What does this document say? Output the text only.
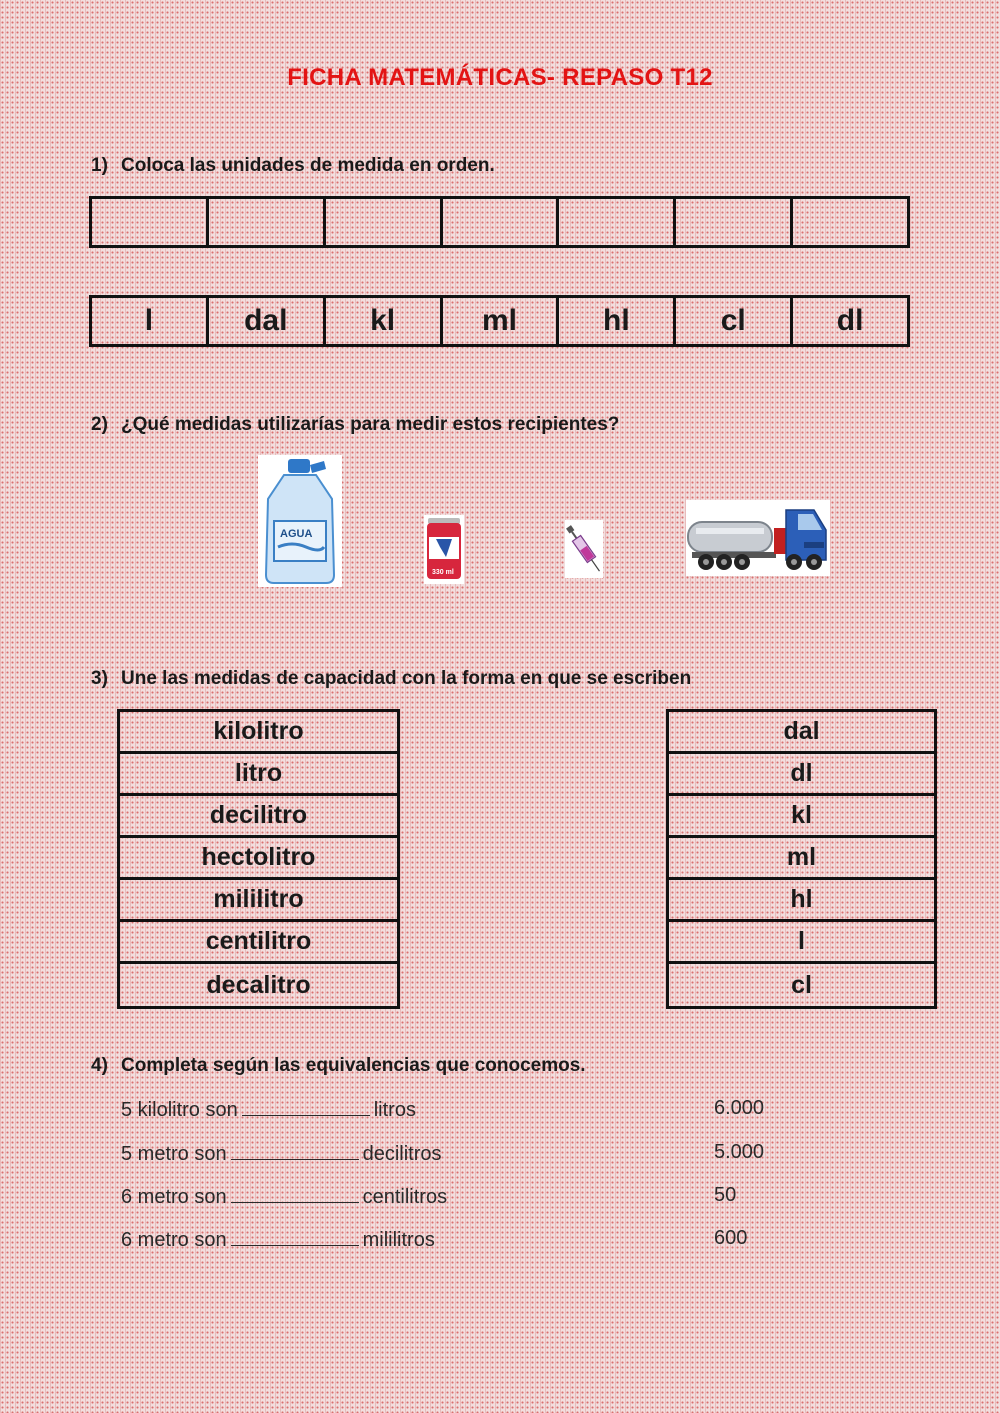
FICHA MATEMÁTICAS- REPASO T12
1) Coloca las unidades de medida en orden.
l	dal	kl	ml	hl	cl	dl
2) ¿Qué medidas utilizarías para medir estos recipientes?
AGUA
330 ml
3) Une las medidas de capacidad con la forma en que se escriben
kilolitro
litro
decilitro
hectolitro
mililitro
centilitro
decalitro
dal
dl
kl
ml
hl
l
cl
4) Completa según las equivalencias que conocemos.
5 kilolitro son	litros
5 metro son	decilitros
6 metro son	centilitros
6 metro son	mililitros
6.000
5.000
50
600
